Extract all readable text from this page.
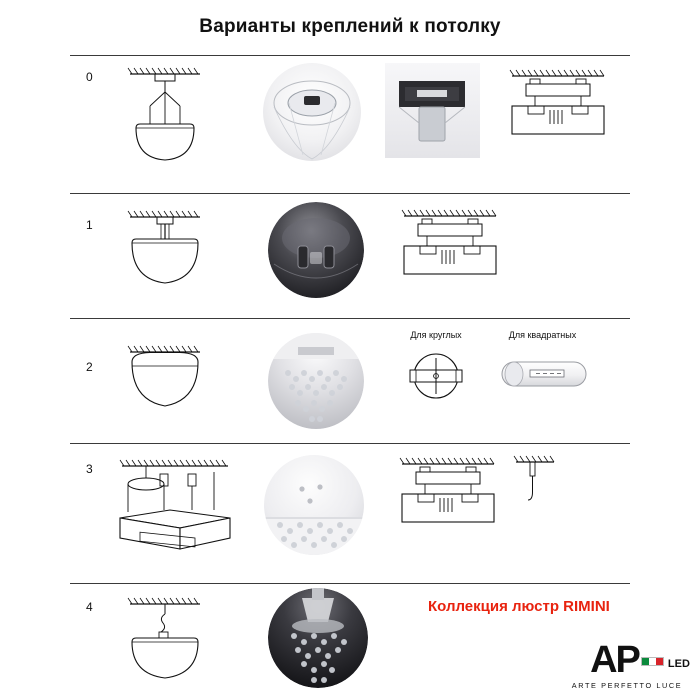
Варианты креплений к потолку
0
1
2
Для круглых	Для квадратных
3
4	Коллекция люстр RIMINI
AP	LED
ARTE PERFETTO LUCE
